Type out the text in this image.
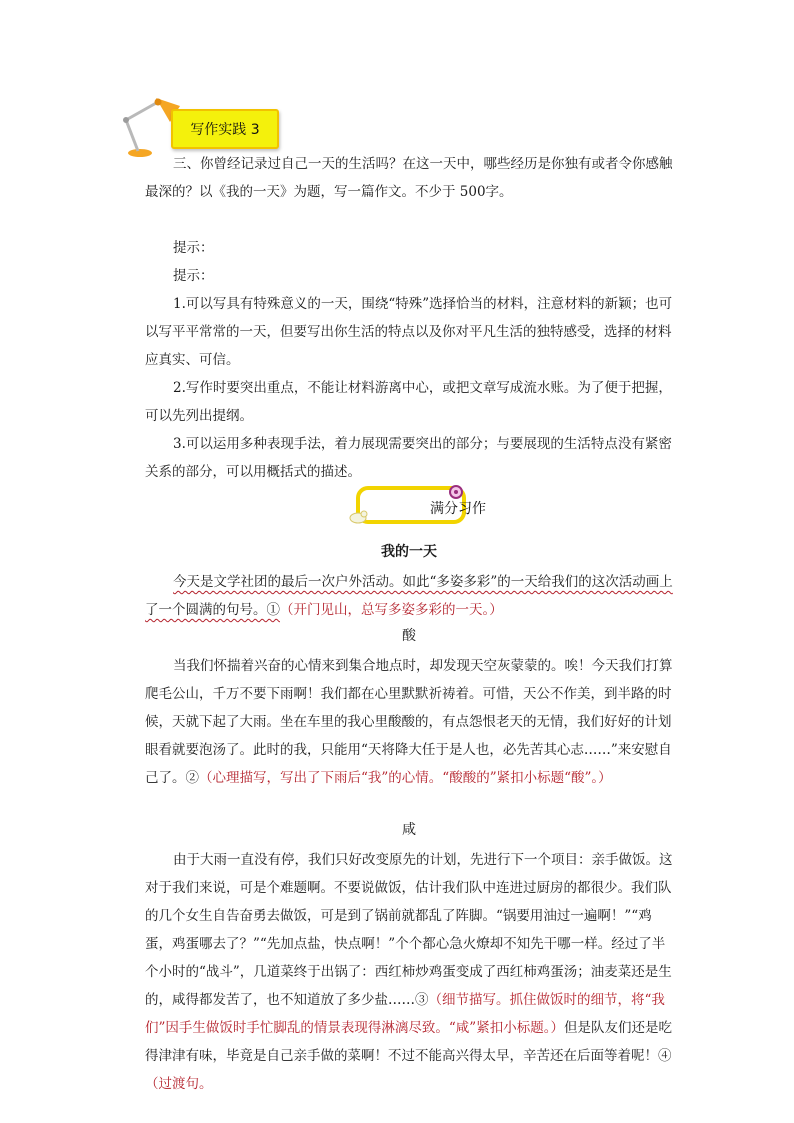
写作实践 3

三、你曾经记录过自己一天的生活吗？在这一天中，哪些经历是你独有或者令你感触最深的？以《我的一天》为题，写一篇作文。不少于 500字。

提示：

提示：

1.可以写具有特殊意义的一天，围绕“特殊”选择恰当的材料，注意材料的新颖；也可以写平平常常的一天，但要写出你生活的特点以及你对平凡生活的独特感受，选择的材料应真实、可信。

2.写作时要突出重点，不能让材料游离中心，或把文章写成流水账。为了便于把握，可以先列出提纲。

3.可以运用多种表现手法，着力展现需要突出的部分；与要展现的生活特点没有紧密关系的部分，可以用概括式的描述。

满分习作

我的一天

今天是文学社团的最后一次户外活动。如此“多姿多彩”的一天给我们的这次活动画上了一个圆满的句号。①（开门见山，总写多姿多彩的一天。）

酸

当我们怀揣着兴奋的心情来到集合地点时，却发现天空灰蒙蒙的。唉！今天我们打算爬毛公山，千万不要下雨啊！我们都在心里默默祈祷着。可惜，天公不作美，到半路的时候，天就下起了大雨。坐在车里的我心里酸酸的，有点怨恨老天的无情，我们好好的计划眼看就要泡汤了。此时的我，只能用“天将降大任于是人也，必先苦其心志……”来安慰自己了。②（心理描写，写出了下雨后“我”的心情。“酸酸的”紧扣小标题“酸”。）

咸

由于大雨一直没有停，我们只好改变原先的计划，先进行下一个项目：亲手做饭。这对于我们来说，可是个难题啊。不要说做饭，估计我们队中连进过厨房的都很少。我们队的几个女生自告奋勇去做饭，可是到了锅前就都乱了阵脚。“锅要用油过一遍啊！”“鸡蛋，鸡蛋哪去了？”“先加点盐，快点啊！”个个都心急火燎却不知先干哪一样。经过了半个小时的“战斗”，几道菜终于出锅了：西红柿炒鸡蛋变成了西红柿鸡蛋汤；油麦菜还是生的，咸得都发苦了，也不知道放了多少盐……③（细节描写。抓住做饭时的细节，将“我们”因手生做饭时手忙脚乱的情景表现得淋漓尽致。“咸”紧扣小标题。）但是队友们还是吃得津津有味，毕竟是自己亲手做的菜啊！不过不能高兴得太早，辛苦还在后面等着呢！④（过渡句。
